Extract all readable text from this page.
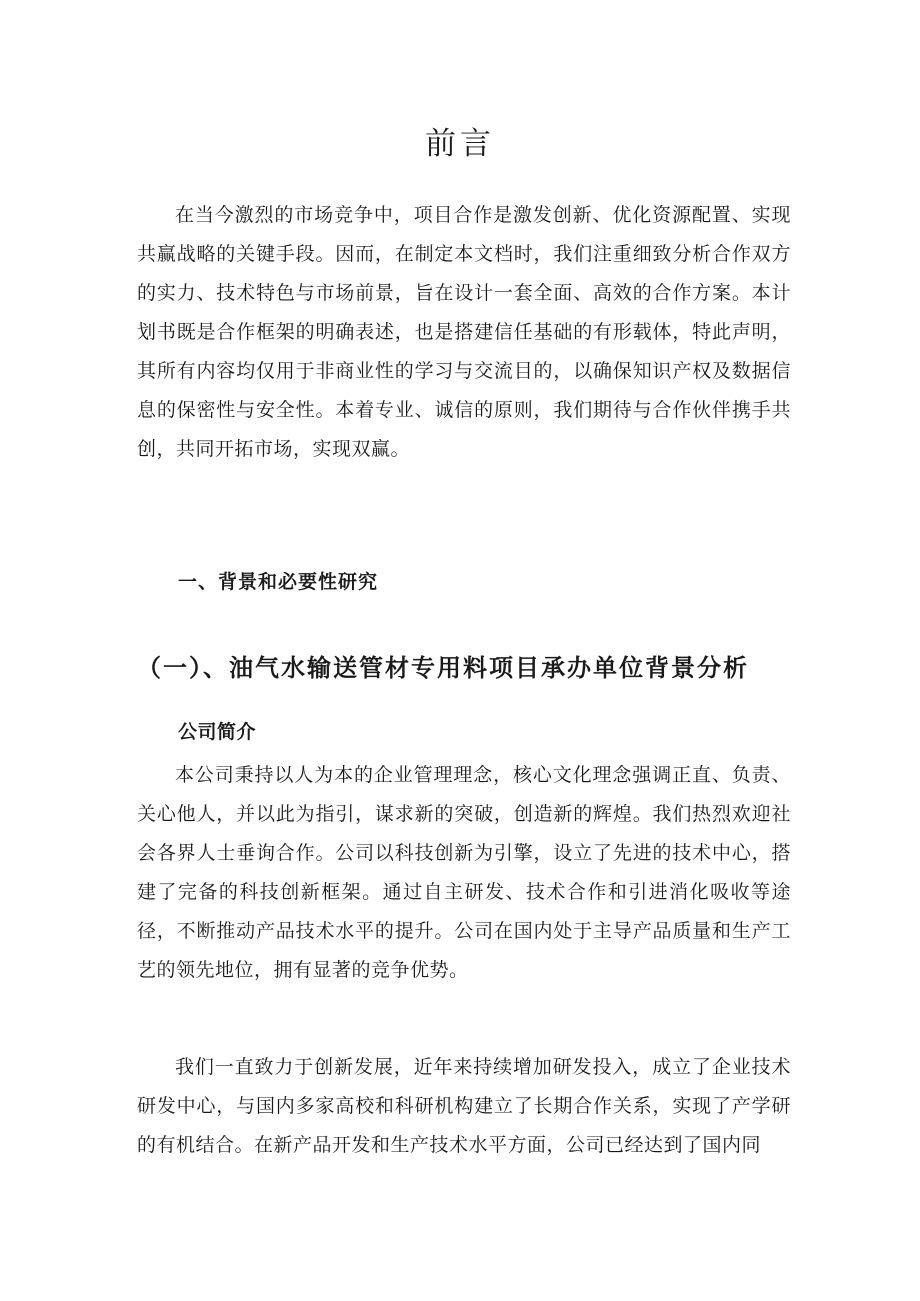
前言

在当今激烈的市场竞争中，项目合作是激发创新、优化资源配置、实现共赢战略的关键手段。因而，在制定本文档时，我们注重细致分析合作双方的实力、技术特色与市场前景，旨在设计一套全面、高效的合作方案。本计划书既是合作框架的明确表述，也是搭建信任基础的有形载体，特此声明，其所有内容均仅用于非商业性的学习与交流目的，以确保知识产权及数据信息的保密性与安全性。本着专业、诚信的原则，我们期待与合作伙伴携手共创，共同开拓市场，实现双赢。

一、背景和必要性研究
（一）、油气水输送管材专用料项目承办单位背景分析
公司简介

本公司秉持以人为本的企业管理理念，核心文化理念强调正直、负责、关心他人，并以此为指引，谋求新的突破，创造新的辉煌。我们热烈欢迎社会各界人士垂询合作。公司以科技创新为引擎，设立了先进的技术中心，搭建了完备的科技创新框架。通过自主研发、技术合作和引进消化吸收等途径，不断推动产品技术水平的提升。公司在国内处于主导产品质量和生产工艺的领先地位，拥有显著的竞争优势。

我们一直致力于创新发展，近年来持续增加研发投入，成立了企业技术研发中心，与国内多家高校和科研机构建立了长期合作关系，实现了产学研的有机结合。在新产品开发和生产技术水平方面，公司已经达到了国内同
